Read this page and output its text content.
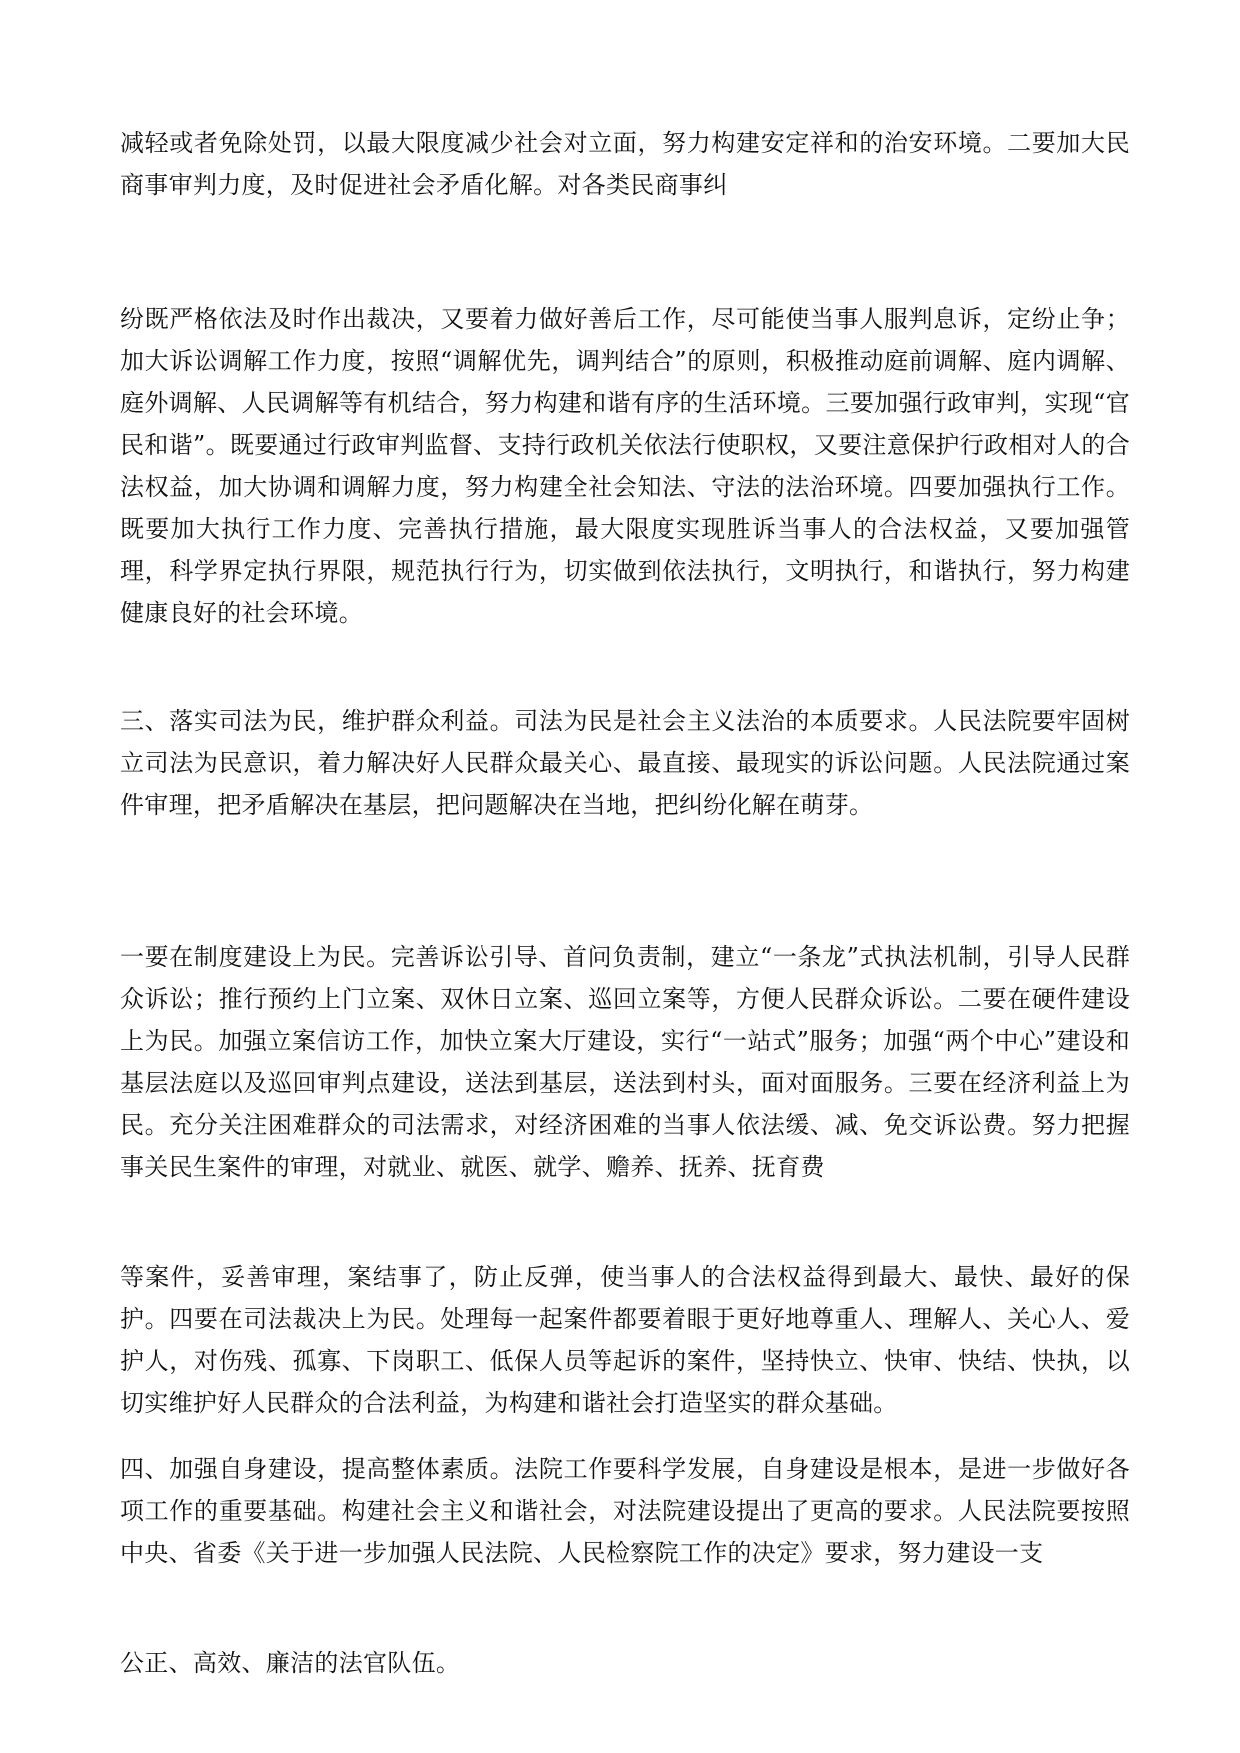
减轻或者免除处罚，以最大限度减少社会对立面，努力构建安定祥和的治安环境。二要加大民商事审判力度，及时促进社会矛盾化解。对各类民商事纠

纷既严格依法及时作出裁决，又要着力做好善后工作，尽可能使当事人服判息诉，定纷止争；加大诉讼调解工作力度，按照“调解优先，调判结合”的原则，积极推动庭前调解、庭内调解、庭外调解、人民调解等有机结合，努力构建和谐有序的生活环境。三要加强行政审判，实现“官民和谐”。既要通过行政审判监督、支持行政机关依法行使职权，又要注意保护行政相对人的合法权益，加大协调和调解力度，努力构建全社会知法、守法的法治环境。四要加强执行工作。既要加大执行工作力度、完善执行措施，最大限度实现胜诉当事人的合法权益，又要加强管理，科学界定执行界限，规范执行行为，切实做到依法执行，文明执行，和谐执行，努力构建健康良好的社会环境。

三、落实司法为民，维护群众利益。司法为民是社会主义法治的本质要求。人民法院要牢固树立司法为民意识，着力解决好人民群众最关心、最直接、最现实的诉讼问题。人民法院通过案件审理，把矛盾解决在基层，把问题解决在当地，把纠纷化解在萌芽。

一要在制度建设上为民。完善诉讼引导、首问负责制，建立“一条龙”式执法机制，引导人民群众诉讼；推行预约上门立案、双休日立案、巡回立案等，方便人民群众诉讼。二要在硬件建设上为民。加强立案信访工作，加快立案大厅建设，实行“一站式”服务；加强“两个中心”建设和基层法庭以及巡回审判点建设，送法到基层，送法到村头，面对面服务。三要在经济利益上为民。充分关注困难群众的司法需求，对经济困难的当事人依法缓、减、免交诉讼费。努力把握事关民生案件的审理，对就业、就医、就学、赡养、抚养、抚育费

等案件，妥善审理，案结事了，防止反弹，使当事人的合法权益得到最大、最快、最好的保护。四要在司法裁决上为民。处理每一起案件都要着眼于更好地尊重人、理解人、关心人、爱护人，对伤残、孤寡、下岗职工、低保人员等起诉的案件，坚持快立、快审、快结、快执，以切实维护好人民群众的合法利益，为构建和谐社会打造坚实的群众基础。

四、加强自身建设，提高整体素质。法院工作要科学发展，自身建设是根本，是进一步做好各项工作的重要基础。构建社会主义和谐社会，对法院建设提出了更高的要求。人民法院要按照中央、省委《关于进一步加强人民法院、人民检察院工作的决定》要求，努力建设一支

公正、高效、廉洁的法官队伍。
